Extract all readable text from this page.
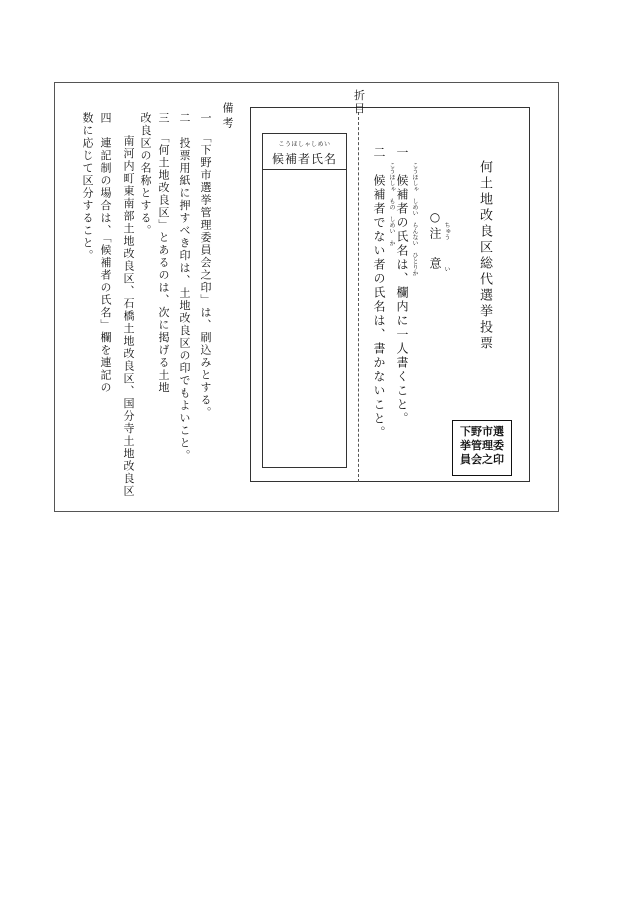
折
目
何土地改良区総代選挙投票
○注　意 ちゅう
い
一　候補者の氏名は、欄内に一人書くこと。 こうほしゃ　しめい　らんない　ひとりか
二　候補者でない者の氏名は、書かないこと。 こうほしゃ　もの　しめい　か
こうほしゃしめい
候補者氏名
下野市選
挙管理委
員会之印
備考
一　「下野市選挙管理委員会之印」は、刷込みとする。
二　投票用紙に押すべき印は、土地改良区の印でもよいこと。
三　「何土地改良区」とあるのは、次に掲げる土地改良区の名称とする。
南河内町東南部土地改良区、石橋土地改良区、国分寺土地改良区
四　連記制の場合は、「候補者の氏名」欄を連記の数に応じて区分すること。
